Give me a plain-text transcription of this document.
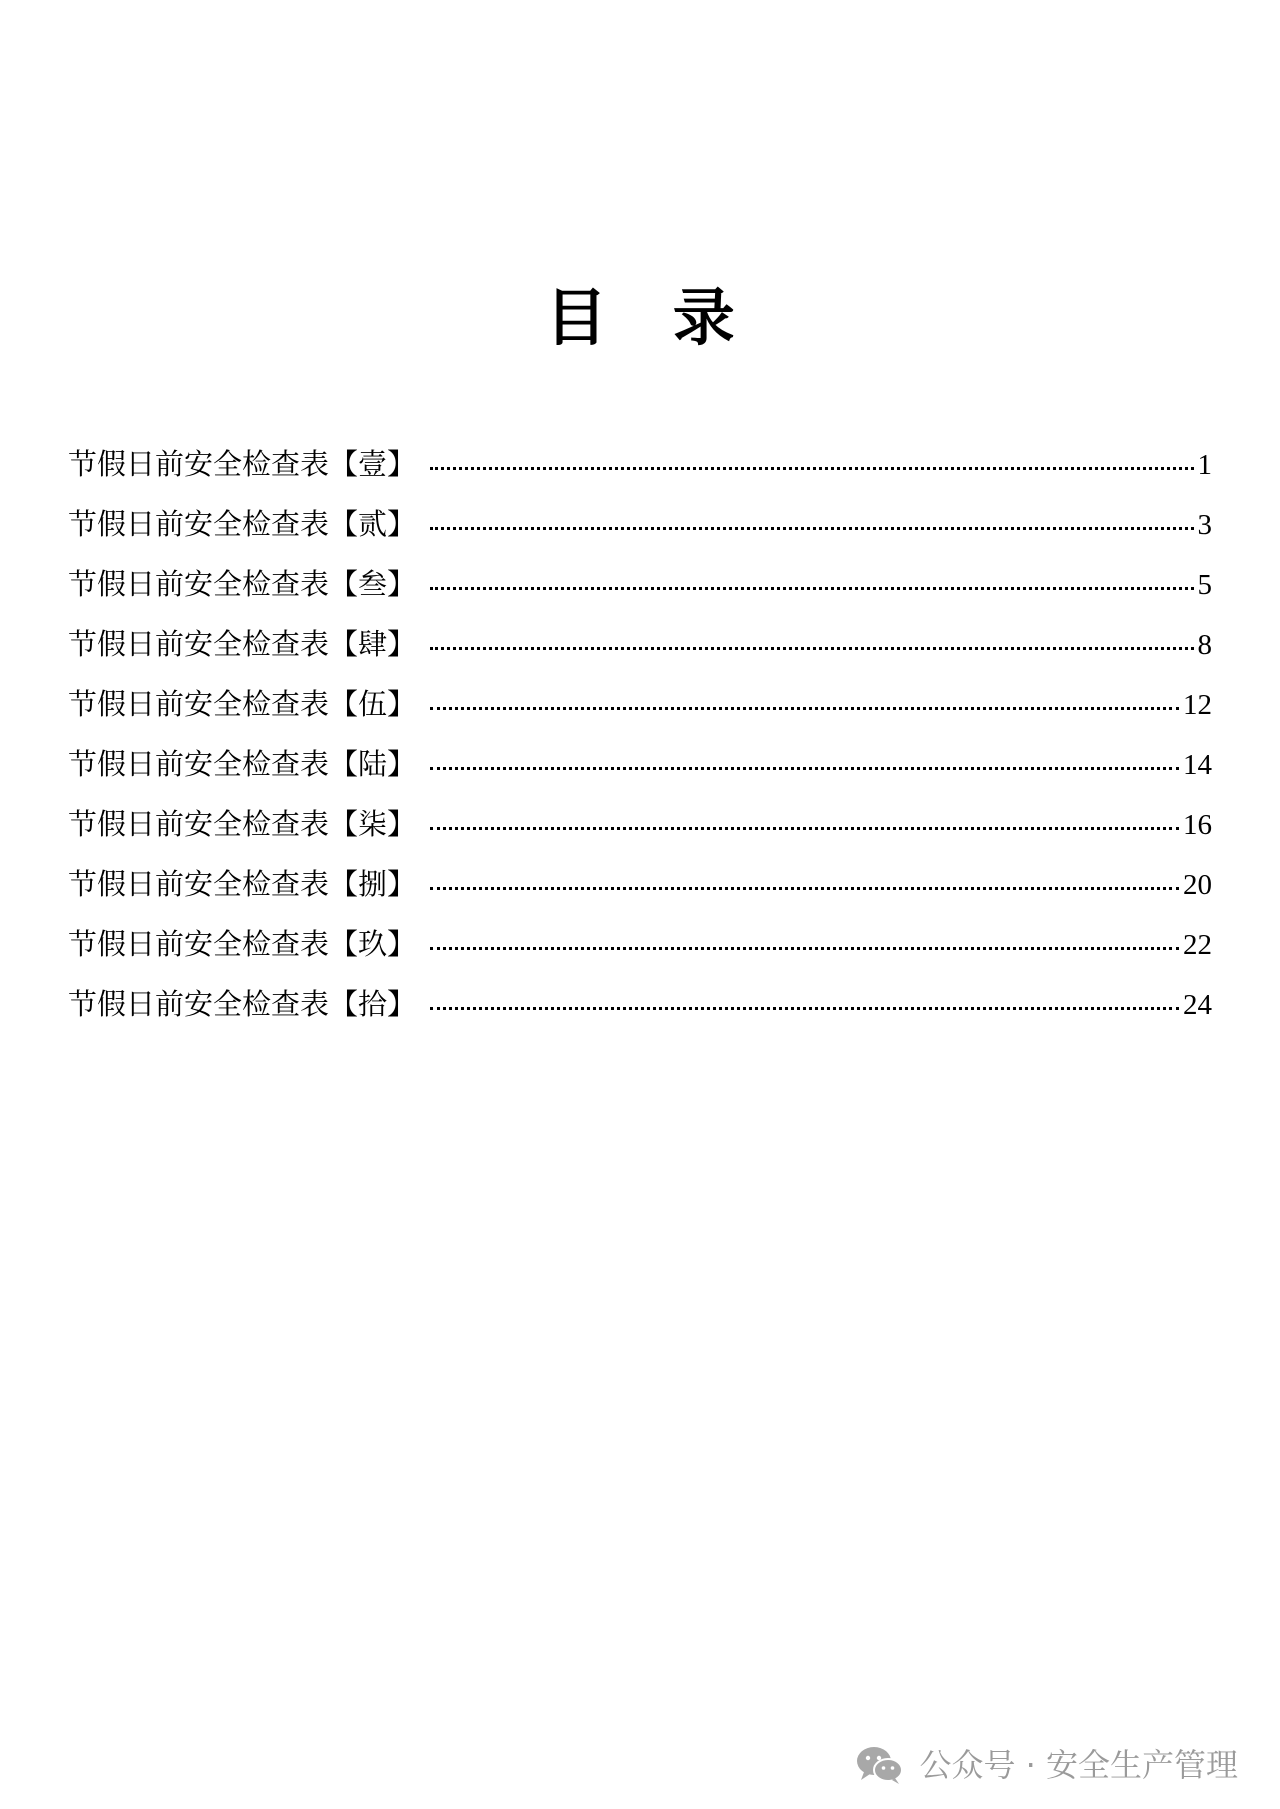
目 录
节假日前安全检查表【壹】	1
节假日前安全检查表【贰】	3
节假日前安全检查表【叁】	5
节假日前安全检查表【肆】	8
节假日前安全检查表【伍】	12
节假日前安全检查表【陆】	14
节假日前安全检查表【柒】	16
节假日前安全检查表【捌】	20
节假日前安全检查表【玖】	22
节假日前安全检查表【拾】	24
公众号 · 安全生产管理
